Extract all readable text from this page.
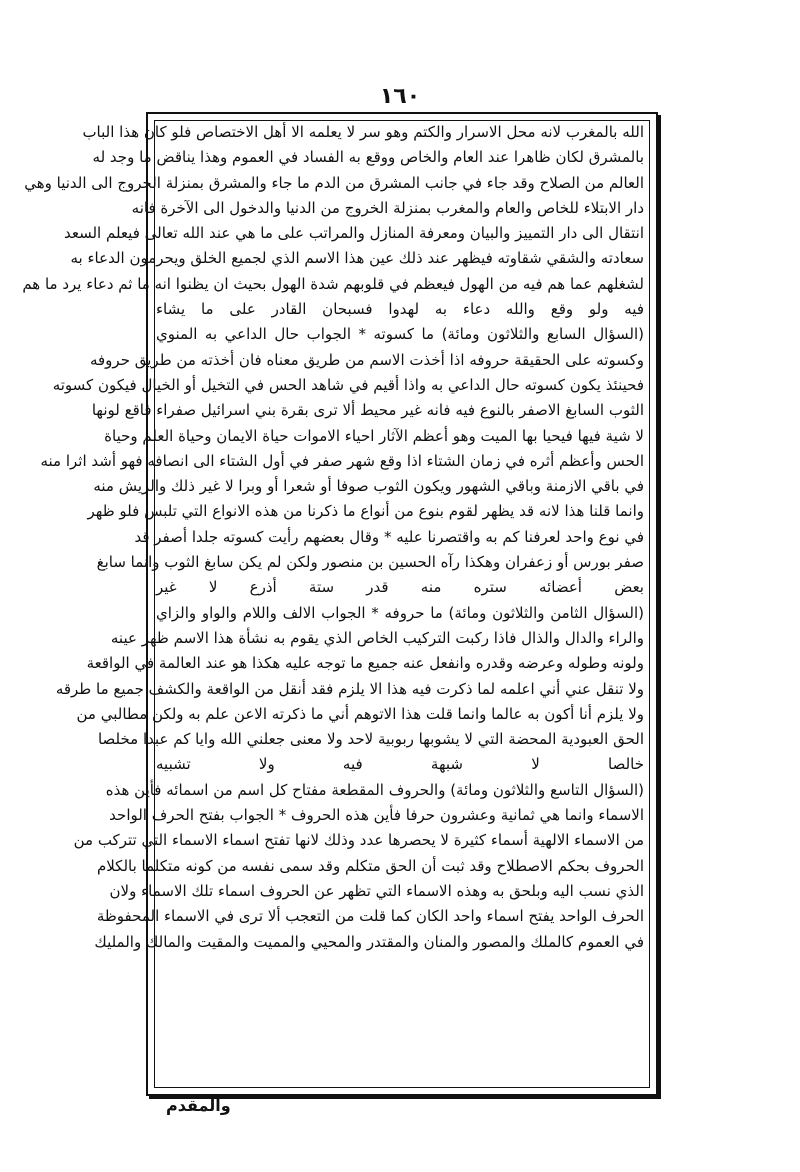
١٦٠
الله بالمغرب لانه محل الاسرار والكتم وهو سر لا يعلمه الا أهل الاختصاص فلو كان هذا الباب
بالمشرق لكان ظاهرا عند العام والخاص ووقع به الفساد في العموم وهذا يناقض ما وجد له
العالم من الصلاح وقد جاء في جانب المشرق من الدم ما جاء والمشرق بمنزلة الخروج الى الدنيا وهي
دار الابتلاء للخاص والعام والمغرب بمنزلة الخروج من الدنيا والدخول الى الآخرة فانه
انتقال الى دار التمييز والبيان ومعرفة المنازل والمراتب على ما هي عند الله تعالى فيعلم السعد
سعادته والشقي شقاوته فيظهر عند ذلك عين هذا الاسم الذي لجميع الخلق ويحرمون الدعاء به
لشغلهم عما هم فيه من الهول فيعظم في قلوبهم شدة الهول بحيث ان يظنوا انه ما ثم دعاء يرد ما هم
فيه ولو وقع والله دعاء به لهدوا فسبحان القادر على ما يشاء
(السؤال السابع والثلاثون ومائة) ما كسوته * الجواب حال الداعي به المنوي
وكسوته على الحقيقة حروفه اذا أخذت الاسم من طريق معناه فان أخذته من طريق حروفه
فحينئذ يكون كسوته حال الداعي به واذا أقيم في شاهد الحس في التخيل أو الخيال فيكون كسوته
الثوب السابغ الاصفر بالنوع فيه فانه غير محيط ألا ترى بقرة بني اسرائيل صفراء فاقع لونها
لا شية فيها فيحيا بها الميت وهو أعظم الآثار احياء الاموات حياة الايمان وحياة العلم وحياة
الحس وأعظم أثره في زمان الشتاء اذا وقع شهر صفر في أول الشتاء الى انصافه فهو أشد اثرا منه
في باقي الازمنة وباقي الشهور ويكون الثوب صوفا أو شعرا أو وبرا لا غير ذلك والريش منه
وانما قلنا هذا لانه قد يظهر لقوم بنوع من أنواع ما ذكرنا من هذه الانواع التي تلبس فلو ظهر
في نوع واحد لعرفنا كم به واقتصرنا عليه * وقال بعضهم رأيت كسوته جلدا أصفر قد
صفر بورس أو زعفران وهكذا رآه الحسين بن منصور ولكن لم يكن سابغ الثوب وانما سابغ
بعض أعضائه ستره منه قدر ستة أذرع لا غير
(السؤال الثامن والثلاثون ومائة) ما حروفه * الجواب الالف واللام والواو والزاي
والراء والدال والذال فاذا ركبت التركيب الخاص الذي يقوم به نشأة هذا الاسم ظهر عينه
ولونه وطوله وعرضه وقدره وانفعل عنه جميع ما توجه عليه هكذا هو عند العالمة في الواقعة
ولا تنقل عني أني اعلمه لما ذكرت فيه هذا الا يلزم فقد أنقل من الواقعة والكشف جميع ما طرقه
ولا يلزم أنا أكون به عالما وانما قلت هذا الاتوهم أني ما ذكرته الاعن علم به ولكن مطالبي من
الحق العبودية المحضة التي لا يشوبها ربوبية لاحد ولا معنى جعلني الله وايا كم عبدا مخلصا
خالصا لا شبهة فيه ولا تشبيه
(السؤال التاسع والثلاثون ومائة) والحروف المقطعة مفتاح كل اسم من اسمائه فأين هذه
الاسماء وانما هي ثمانية وعشرون حرفا فأين هذه الحروف * الجواب بفتح الحرف الواحد
من الاسماء الالهية أسماء كثيرة لا يحصرها عدد وذلك لانها تفتح اسماء الاسماء التي تتركب من
الحروف بحكم الاصطلاح وقد ثبت أن الحق متكلم وقد سمى نفسه من كونه متكلما بالكلام
الذي نسب اليه وبلحق به وهذه الاسماء التي تظهر عن الحروف اسماء تلك الاسماء ولان
الحرف الواحد يفتح اسماء واحد الكان كما قلت من التعجب ألا ترى في الاسماء المحفوظة
في العموم كالملك والمصور والمنان والمقتدر والمحيي والمميت والمقيت والمالك والمليك
والمقدم
